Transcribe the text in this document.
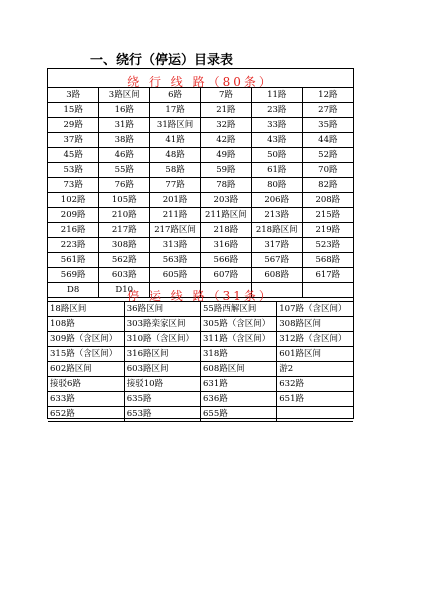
一、绕行（停运）目录表
绕 行 线 路（80条）
3路	3路区间	6路	7路	11路	12路
15路	16路	17路	21路	23路	27路
29路	31路	31路区间	32路	33路	35路
37路	38路	41路	42路	43路	44路
45路	46路	48路	49路	50路	52路
53路	55路	58路	59路	61路	70路
73路	76路	77路	78路	80路	82路
102路	105路	201路	203路	206路	208路
209路	210路	211路	211路区间	213路	215路
216路	217路	217路区间	218路	218路区间	219路
223路	308路	313路	316路	317路	523路
561路	562路	563路	566路	567路	568路
569路	603路	605路	607路	608路	617路
D8	D10				
停 运 线 路（31条）
18路区间	36路区间	55路西解区间	107路（含区间）
108路	303路栾家区间	305路（含区间）	308路区间
309路（含区间）	310路（含区间）	311路（含区间）	312路（含区间）
315路（含区间）	316路区间	318路	601路区间
602路区间	603路区间	608路区间	游2
接驳6路	接驳10路	631路	632路
633路	635路	636路	651路
652路	653路	655路	
